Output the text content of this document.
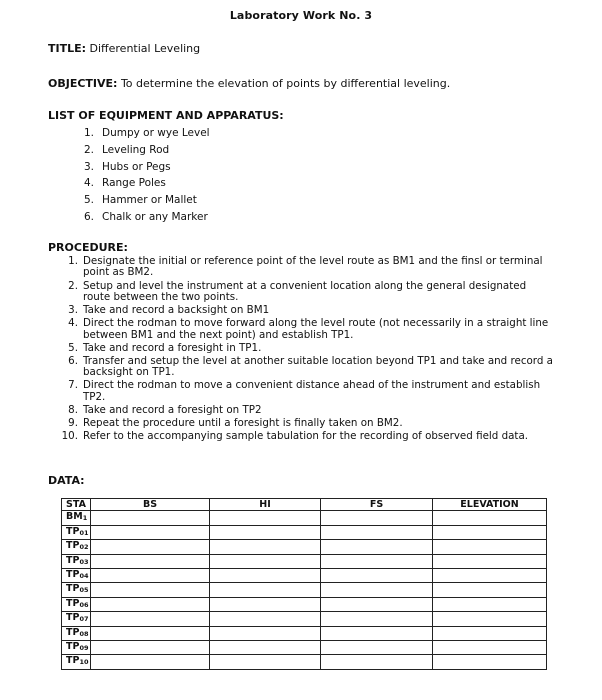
Laboratory Work No. 3
TITLE: Differential Leveling
OBJECTIVE: To determine the elevation of points by differential leveling.
LIST OF EQUIPMENT AND APPARATUS:
1. Dumpy or wye Level
2. Leveling Rod
3. Hubs or Pegs
4. Range Poles
5. Hammer or Mallet
6. Chalk or any Marker
PROCEDURE:
1. Designate the initial or reference point of the level route as BM1 and the finsl or terminal point as BM2.
2. Setup and level the instrument at a convenient location along the general designated route between the two points.
3. Take and record a backsight on BM1
4. Direct the rodman to move forward along the level route (not necessarily in a straight line between BM1 and the next point) and establish TP1.
5. Take and record a foresight in TP1.
6. Transfer and setup the level at another suitable location beyond TP1 and take and record a backsight on TP1.
7. Direct the rodman to move a convenient distance ahead of the instrument and establish TP2.
8. Take and record a foresight on TP2
9. Repeat the procedure until a foresight is finally taken on BM2.
10. Refer to the accompanying sample tabulation for the recording of observed field data.
DATA:
STA	BS	HI	FS	ELEVATION
$BM_1$				
$TP_{01}$				
$TP_{02}$				
$TP_{03}$				
$TP_{04}$				
$TP_{05}$				
$TP_{06}$				
$TP_{07}$				
$TP_{08}$				
$TP_{09}$				
$TP_{10}$				
